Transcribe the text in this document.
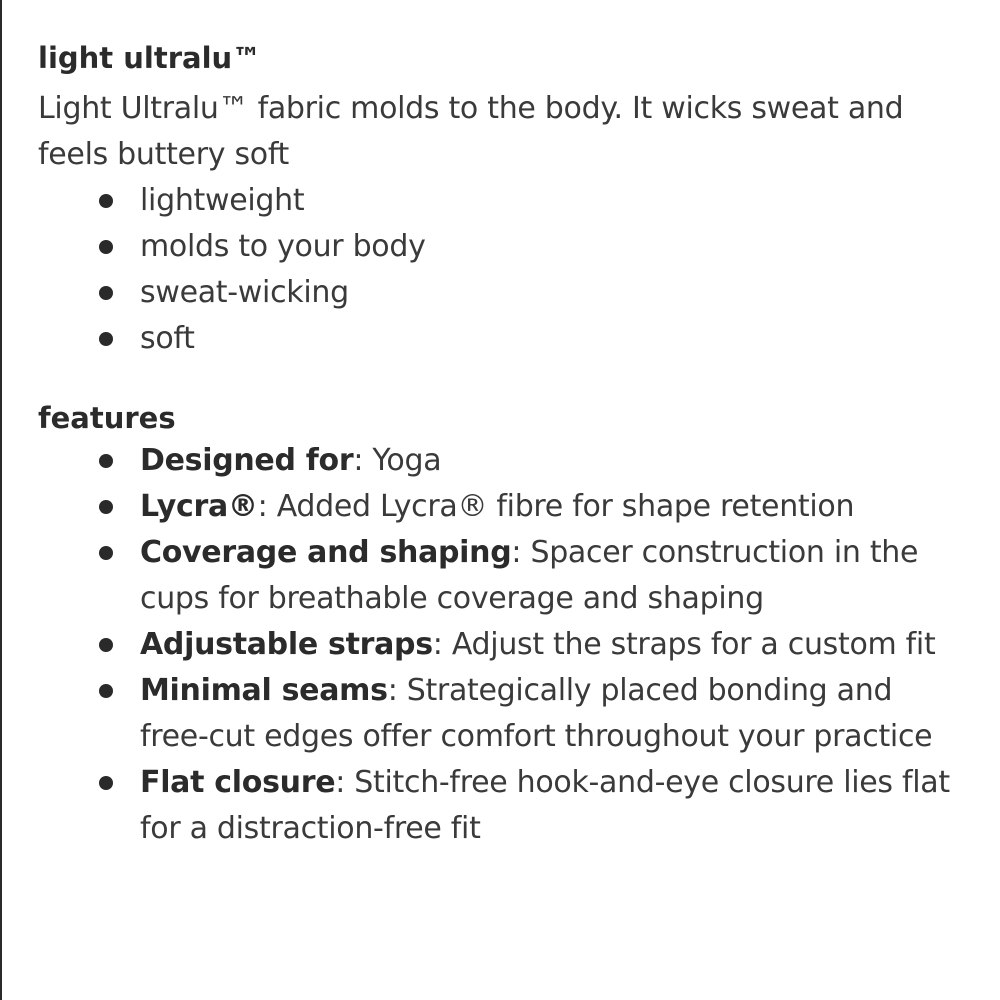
light ultralu™

Light Ultralu™ fabric molds to the body. It wicks sweat and feels buttery soft

lightweight
molds to your body
sweat-wicking
soft
features
Designed for: Yoga
Lycra®: Added Lycra® fibre for shape retention
Coverage and shaping: Spacer construction in the cups for breathable coverage and shaping
Adjustable straps: Adjust the straps for a custom fit
Minimal seams: Strategically placed bonding and free-cut edges offer comfort throughout your practice
Flat closure: Stitch-free hook-and-eye closure lies flat for a distraction-free fit
